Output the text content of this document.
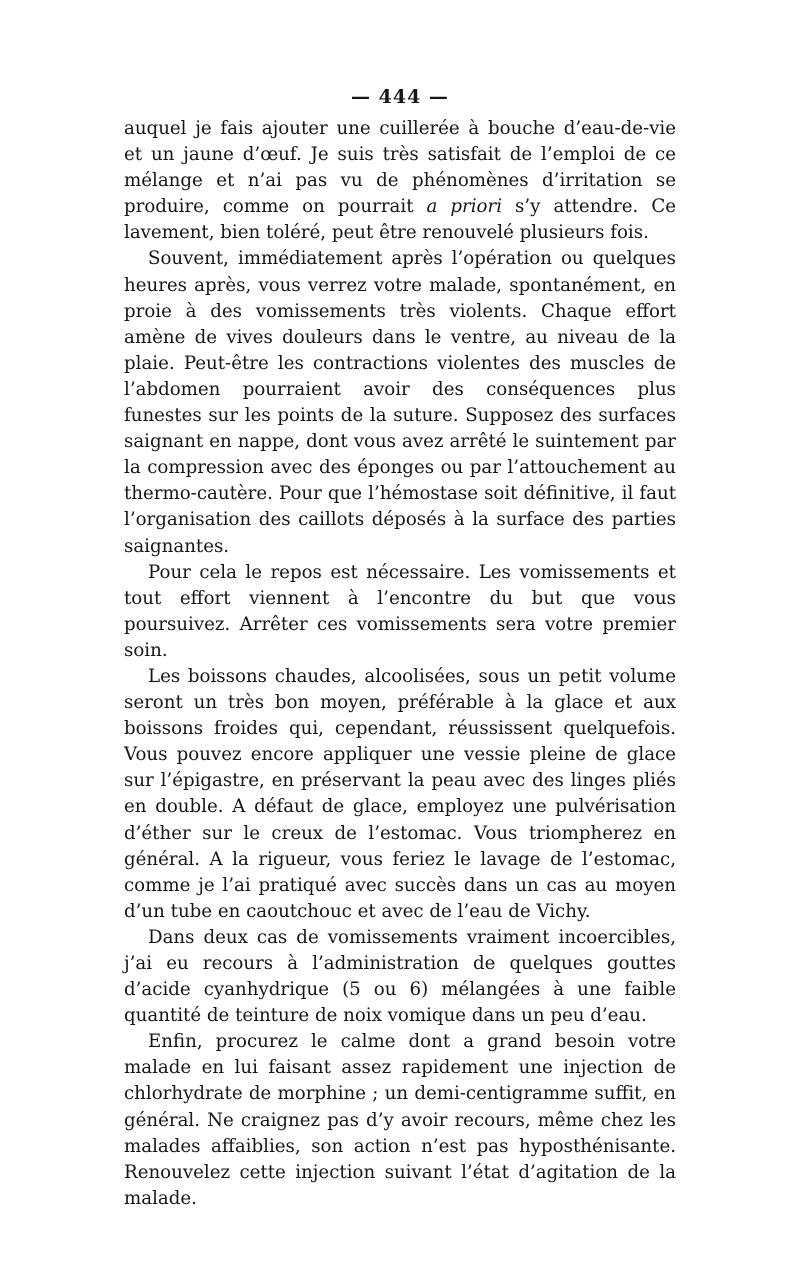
— 444 —

auquel je fais ajouter une cuillerée à bouche d’eau-de-vie et un jaune d’œuf. Je suis très satisfait de l’emploi de ce mélange et n’ai pas vu de phénomènes d’irritation se produire, comme on pourrait a priori s’y attendre. Ce lavement, bien toléré, peut être renouvelé plusieurs fois.

Souvent, immédiatement après l’opération ou quelques heures après, vous verrez votre malade, spontanément, en proie à des vomissements très violents. Chaque effort amène de vives douleurs dans le ventre, au niveau de la plaie. Peut-être les contractions violentes des muscles de l’abdomen pourraient avoir des conséquences plus funestes sur les points de la suture. Supposez des surfaces saignant en nappe, dont vous avez arrêté le suintement par la compression avec des éponges ou par l’attouchement au thermo-cautère. Pour que l’hémostase soit définitive, il faut l’organisation des caillots déposés à la surface des parties saignantes.

Pour cela le repos est nécessaire. Les vomissements et tout effort viennent à l’encontre du but que vous poursuivez. Arrêter ces vomissements sera votre premier soin.

Les boissons chaudes, alcoolisées, sous un petit volume seront un très bon moyen, préférable à la glace et aux boissons froides qui, cependant, réussissent quelquefois. Vous pouvez encore appliquer une vessie pleine de glace sur l’épigastre, en préservant la peau avec des linges pliés en double. A défaut de glace, employez une pulvérisation d’éther sur le creux de l’estomac. Vous triompherez en général. A la rigueur, vous feriez le lavage de l’estomac, comme je l’ai pratiqué avec succès dans un cas au moyen d’un tube en caoutchouc et avec de l’eau de Vichy.

Dans deux cas de vomissements vraiment incoercibles, j’ai eu recours à l’administration de quelques gouttes d’acide cyanhydrique (5 ou 6) mélangées à une faible quantité de teinture de noix vomique dans un peu d’eau.

Enfin, procurez le calme dont a grand besoin votre malade en lui faisant assez rapidement une injection de chlorhydrate de morphine ; un demi-centigramme suffit, en général. Ne craignez pas d’y avoir recours, même chez les malades affaiblies, son action n’est pas hyposthénisante. Renouvelez cette injection suivant l’état d’agitation de la malade.
